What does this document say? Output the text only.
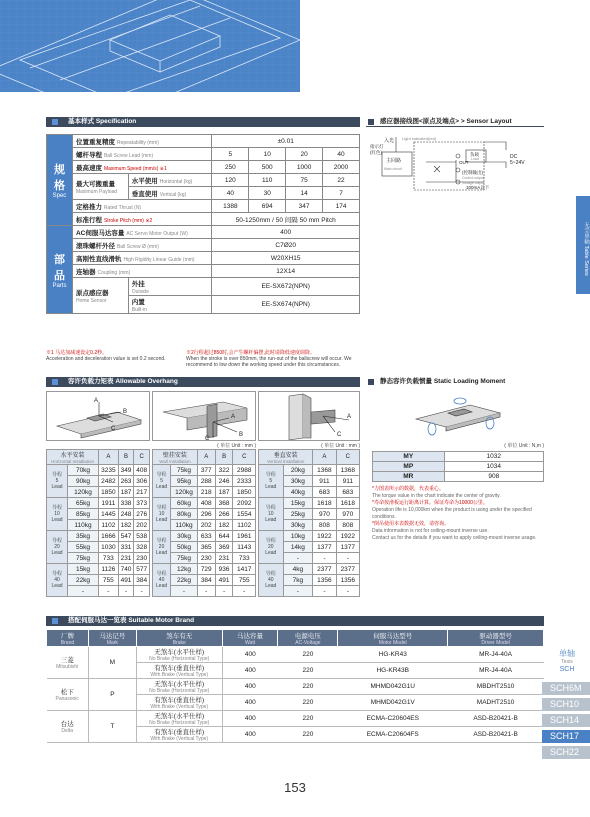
基本样式 Specification
规格
Spec	位置重复精度 Repeatability (mm)		±0.01			
	螺杆导程 Ball Screw Lead (mm)		5	10	20	40
	最高速度 Maximum Speed (mm/s) ※1		250	500	1000	2000
	最大可搬重量
Maximum Payload	水平使用 Horizontal (kg)	120	110	75	22
		垂直使用 Vertical (kg)	40	30	14	7
	定格推力 Rated Thrust (N)		1388	694	347	174
	标准行程 Stroke Pitch (mm) ※2		50-1250mm / 50 间隔 50 mm Pitch			
部品
Parts	AC伺服马达容量 AC Servo Motor Output (W)		400			
	滚珠螺杆外径 Ball Screw Ø (mm)		C7Ø20			
	高刚性直线滑轨 High Rigidity Linear Guide (mm)		W20XH15			
	连轴器 Coupling (mm)		12X14			
	原点感应器
Home Sensor	外挂
Outside	EE-SX672(NPN)			
		内置
Built-in	EE-SX674(NPN)			
※1 马达加减速设定0.2秒。
Acceleration and deceleration value is set 0.2 second.
※2行程超过850时,会产生螺杆偏摆,此时请降低速度调降。
When the stroke is over 850mm, the run-out of the ballscrew will occur. We recommend to low down the working speed under this circumstances.
感应器接线图<原点及端点> > Sensor Layout
入光 Light indicated(red)
指示灯
(红色)
主回路
Main circuit
OUT
负载
Load
(控制输出)
Control output
Voltage output
100mA以下
DC
5~24V
无尘单轴 Table Series
容许负载力矩表 Allowable Overhang	静态容许负载惯量 Static Loading Moment
A
B
C
A
B
C
A
C
( 单位 Unit : mm )	( 单位 Unit : mm )	( 单位 Unit : N,m )
水平安装
Horizontal Installation		A	B	C

导程
5
Lead	70kg	3235	349	408
	90kg	2482	263	306
	120kg	1850	187	217

导程
10
Lead	65kg	1911	338	373
	85kg	1445	248	276
	110kg	1102	182	202

导程
20
Lead	35kg	1666	547	538
	55kg	1030	331	328
	75kg	733	231	230

导程
40
Lead	15kg	1126	740	577
	22kg	755	491	384
	-	-	-	-
壁挂安装
Wall Installation		A	B	C

导程
5
Lead	75kg	377	322	2988
	95kg	288	246	2333
	120kg	218	187	1850

导程
10
Lead	60kg	408	368	2092
	80kg	296	266	1554
	110kg	202	182	1102

导程
20
Lead	30kg	633	644	1961
	50kg	365	369	1143
	75kg	230	231	733

导程
40
Lead	12kg	729	936	1417
	22kg	384	491	755
	-	-	-	-
垂直安装
Vertical Installation		A	C

导程
5
Lead	20kg	1368	1368
	30kg	911	911
	40kg	683	683

导程
10
Lead	15kg	1618	1618
	25kg	970	970
	30kg	808	808

导程
20
Lead	10kg	1922	1922
	14kg	1377	1377
	-	-	-

导程
40
Lead	4kg	2377	2377
	7kg	1356	1356
	-	-	-
MY	1032
MP	1034
MR	908
*力图表所示的数据，代表重心。
The torque value in the chart indicate the center of gravity.
*寿命按滑板运行距离计算。保证寿命为10000公里。
Operation life is 10,000km when the product is using under the specified conditions.
*倒吊使用本表数据无效，请咨询。
Data information is not for ceiling-mount inverse use.
Contact us for the details if you want to apply ceiling-mount inverse usage.
搭配伺服马达一览表 Suitable Motor Brand
厂牌
Brand	马达记号
Mark	煞车有无
Brake	马达容量
Watt	电源电压
AC-Voltage	伺服马达型号
Motor Model	驱动器型号
Driver Model

三菱
Mitsubishi	M	无煞车(水平仕样)
No Brake (Horizontal Type)	400	220	HG-KR43	MR-J4-40A
		有煞车(垂直仕样)
With Brake (Vertical Type)	400	220	HG-KR43B	MR-J4-40A
松下
Panasonic	P	无煞车(水平仕样)
No Brake (Horizontal Type)	400	220	MHMD042G1U	MBDHT2510
		有煞车(垂直仕样)
With Brake (Vertical Type)	400	220	MHMD042G1V	MADHT2510
台达
Delta	T	无煞车(水平仕样)
No Brake (Horizontal Type)	400	220	ECMA-C20604ES	ASD-B20421-B
		有煞车(垂直仕样)
With Brake (Vertical Type)	400	220	ECMA-C20604FS	ASD-B20421-B
单轴
Texis
SCH
SCH6M
SCH10
SCH14
SCH17
SCH22
153
